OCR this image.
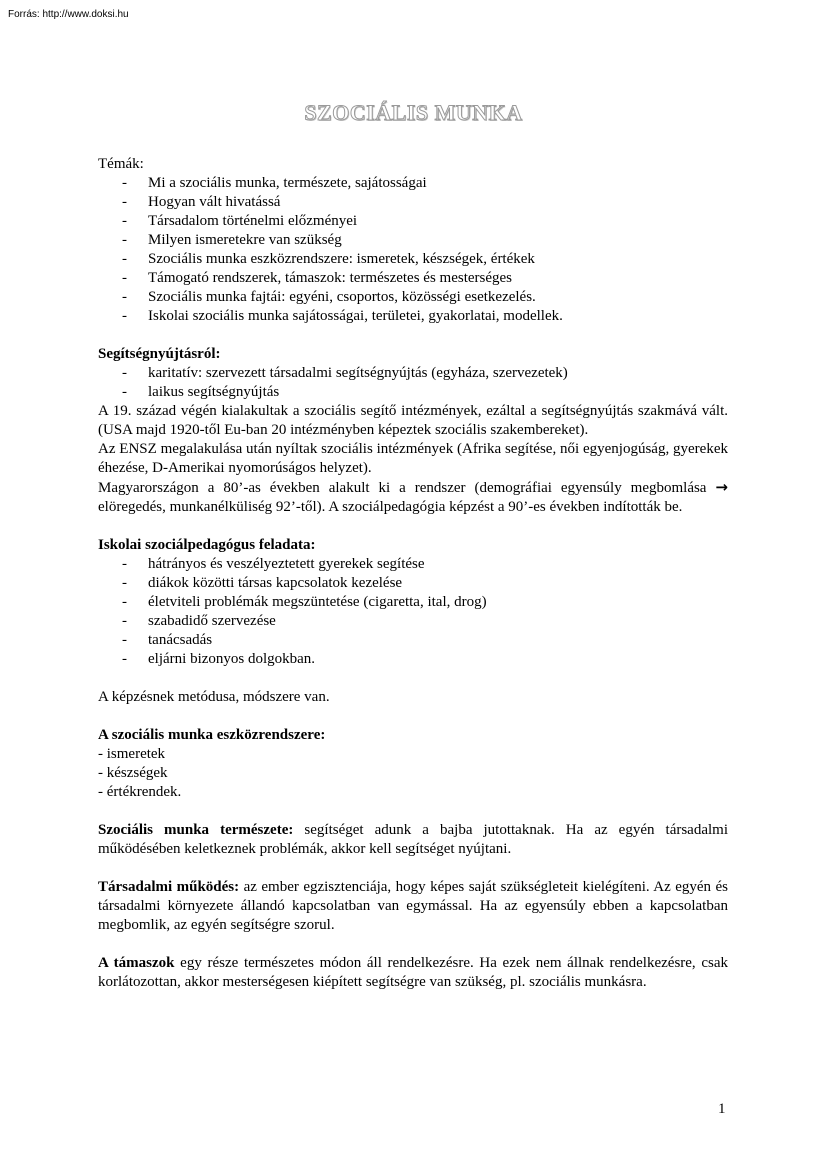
Forrás: http://www.doksi.hu
SZOCIÁLIS MUNKA

Témák:

- Mi a szociális munka, természete, sajátosságai
- Hogyan vált hivatássá
- Társadalom történelmi előzményei
- Milyen ismeretekre van szükség
- Szociális munka eszközrendszere: ismeretek, készségek, értékek
- Támogató rendszerek, támaszok: természetes és mesterséges
- Szociális munka fajtái: egyéni, csoportos, közösségi esetkezelés.
- Iskolai szociális munka sajátosságai, területei, gyakorlatai, modellek.

Segítségnyújtásról:

- karitatív: szervezett társadalmi segítségnyújtás (egyháza, szervezetek)
- laikus segítségnyújtás

A 19. század végén kialakultak a szociális segítő intézmények, ezáltal a segítségnyújtás szakmává vált. (USA majd 1920-től Eu-ban 20 intézményben képeztek szociális szakembereket).

Az ENSZ megalakulása után nyíltak szociális intézmények (Afrika segítése, női egyenjogúság, gyerekek éhezése, D-Amerikai nyomorúságos helyzet).

Magyarországon a 80’-as években alakult ki a rendszer (demográfiai egyensúly megbomlása → elöregedés, munkanélküliség 92’-től). A szociálpedagógia képzést a 90’-es években indították be.

Iskolai szociálpedagógus feladata:

- hátrányos és veszélyeztetett gyerekek segítése
- diákok közötti társas kapcsolatok kezelése
- életviteli problémák megszüntetése (cigaretta, ital, drog)
- szabadidő szervezése
- tanácsadás
- eljárni bizonyos dolgokban.

A képzésnek metódusa, módszere van.

A szociális munka eszközrendszere:

- ismeretek

- készségek

- értékrendek.

Szociális munka természete: segítséget adunk a bajba jutottaknak. Ha az egyén társadalmi működésében keletkeznek problémák, akkor kell segítséget nyújtani.

Társadalmi működés: az ember egzisztenciája, hogy képes saját szükségleteit kielégíteni. Az egyén és társadalmi környezete állandó kapcsolatban van egymással. Ha az egyensúly ebben a kapcsolatban megbomlik, az egyén segítségre szorul.

A támaszok egy része természetes módon áll rendelkezésre. Ha ezek nem állnak rendelkezésre, csak korlátozottan, akkor mesterségesen kiépített segítségre van szükség, pl. szociális munkásra.

1
